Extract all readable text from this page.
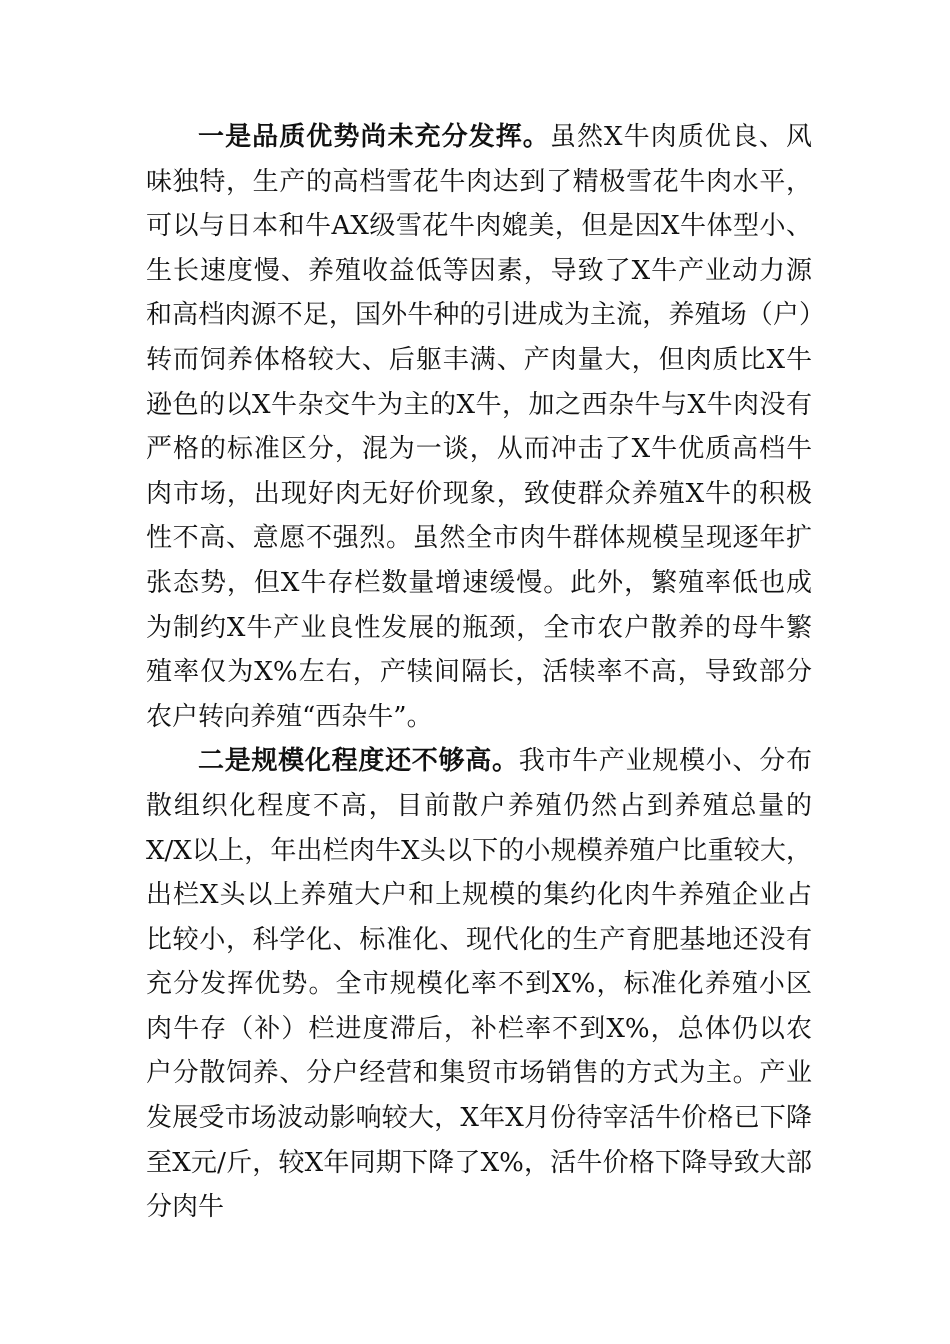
一是品质优势尚未充分发挥。虽然X牛肉质优良、风味独特，生产的高档雪花牛肉达到了精极雪花牛肉水平，可以与日本和牛AX级雪花牛肉媲美，但是因X牛体型小、生长速度慢、养殖收益低等因素，导致了X牛产业动力源和高档肉源不足，国外牛种的引进成为主流，养殖场（户）转而饲养体格较大、后躯丰满、产肉量大，但肉质比X牛逊色的以X牛杂交牛为主的X牛，加之西杂牛与X牛肉没有严格的标准区分，混为一谈，从而冲击了X牛优质高档牛肉市场，出现好肉无好价现象，致使群众养殖X牛的积极性不高、意愿不强烈。虽然全市肉牛群体规模呈现逐年扩张态势，但X牛存栏数量增速缓慢。此外，繁殖率低也成为制约X牛产业良性发展的瓶颈，全市农户散养的母牛繁殖率仅为X%左右，产犊间隔长，活犊率不高，导致部分农户转向养殖“西杂牛”。

二是规模化程度还不够高。我市牛产业规模小、分布散组织化程度不高，目前散户养殖仍然占到养殖总量的X/X以上，年出栏肉牛X头以下的小规模养殖户比重较大，出栏X头以上养殖大户和上规模的集约化肉牛养殖企业占比较小，科学化、标准化、现代化的生产育肥基地还没有充分发挥优势。全市规模化率不到X%，标准化养殖小区肉牛存（补）栏进度滞后，补栏率不到X%，总体仍以农户分散饲养、分户经营和集贸市场销售的方式为主。产业发展受市场波动影响较大，X年X月份待宰活牛价格已下降至X元/斤，较X年同期下降了X%，活牛价格下降导致大部分肉牛
